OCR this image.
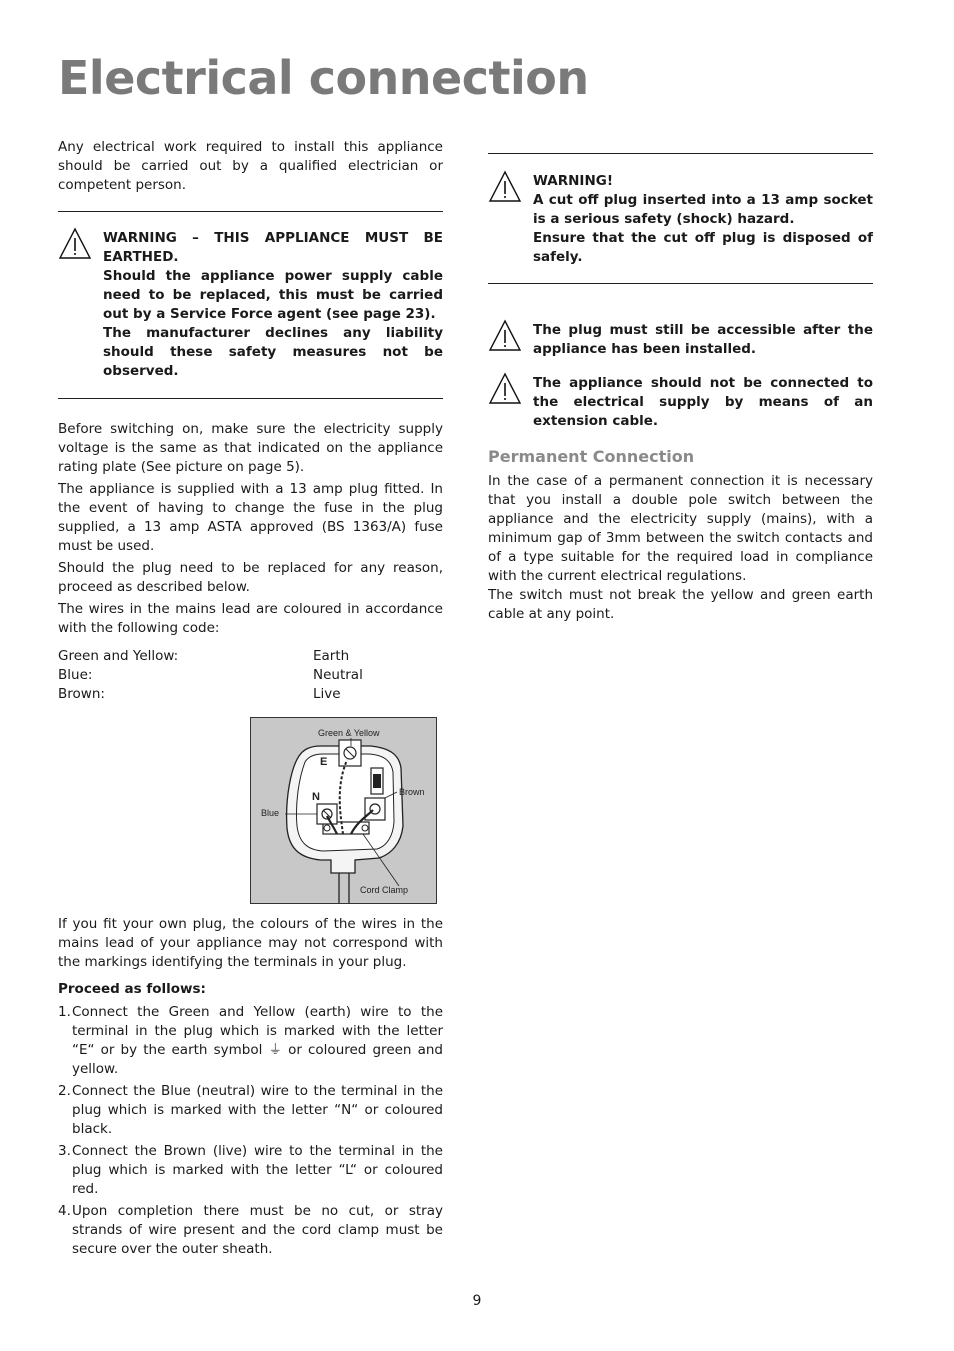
Electrical connection

Any electrical work required to install this appliance should be carried out by a qualified electrician or competent person.

WARNING – THIS APPLIANCE MUST BE EARTHED.
Should the appliance power supply cable need to be replaced, this must be carried out by a Service Force agent (see page 23).
The manufacturer declines any liability should these safety measures not be observed.

Before switching on, make sure the electricity supply voltage is the same as that indicated on the appliance rating plate (See picture on page 5).

The appliance is supplied with a 13 amp plug fitted. In the event of having to change the fuse in the plug supplied, a 13 amp ASTA approved (BS 1363/A) fuse must be used.

Should the plug need to be replaced for any reason, proceed as described below.

The wires in the mains lead are coloured in accordance with the following code:

Green and Yellow:	Earth
Blue:	Neutral
Brown:	Live
Green & Yellow
Brown
Blue
Cord Clamp
E
N

If you fit your own plug, the colours of the wires in the mains lead of your appliance may not correspond with the markings identifying the terminals in your plug.

Proceed as follows:

1. Connect the Green and Yellow (earth) wire to the terminal in the plug which is marked with the letter “E“ or by the earth symbol ⏚ or coloured green and yellow.
2. Connect the Blue (neutral) wire to the terminal in the plug which is marked with the letter “N“ or coloured black.
3. Connect the Brown (live) wire to the terminal in the plug which is marked with the letter “L“ or coloured red.
4. Upon completion there must be no cut, or stray strands of wire present and the cord clamp must be secure over the outer sheath.
WARNING!
A cut off plug inserted into a 13 amp socket is a serious safety (shock) hazard.
Ensure that the cut off plug is disposed of safely.
The plug must still be accessible after the appliance has been installed.
The appliance should not be connected to the electrical supply by means of an extension cable.
Permanent Connection

In the case of a permanent connection it is necessary that you install a double pole switch between the appliance and the electricity supply (mains), with a minimum gap of 3mm between the switch contacts and of a type suitable for the required load in compliance with the current electrical regulations.

The switch must not break the yellow and green earth cable at any point.

9
